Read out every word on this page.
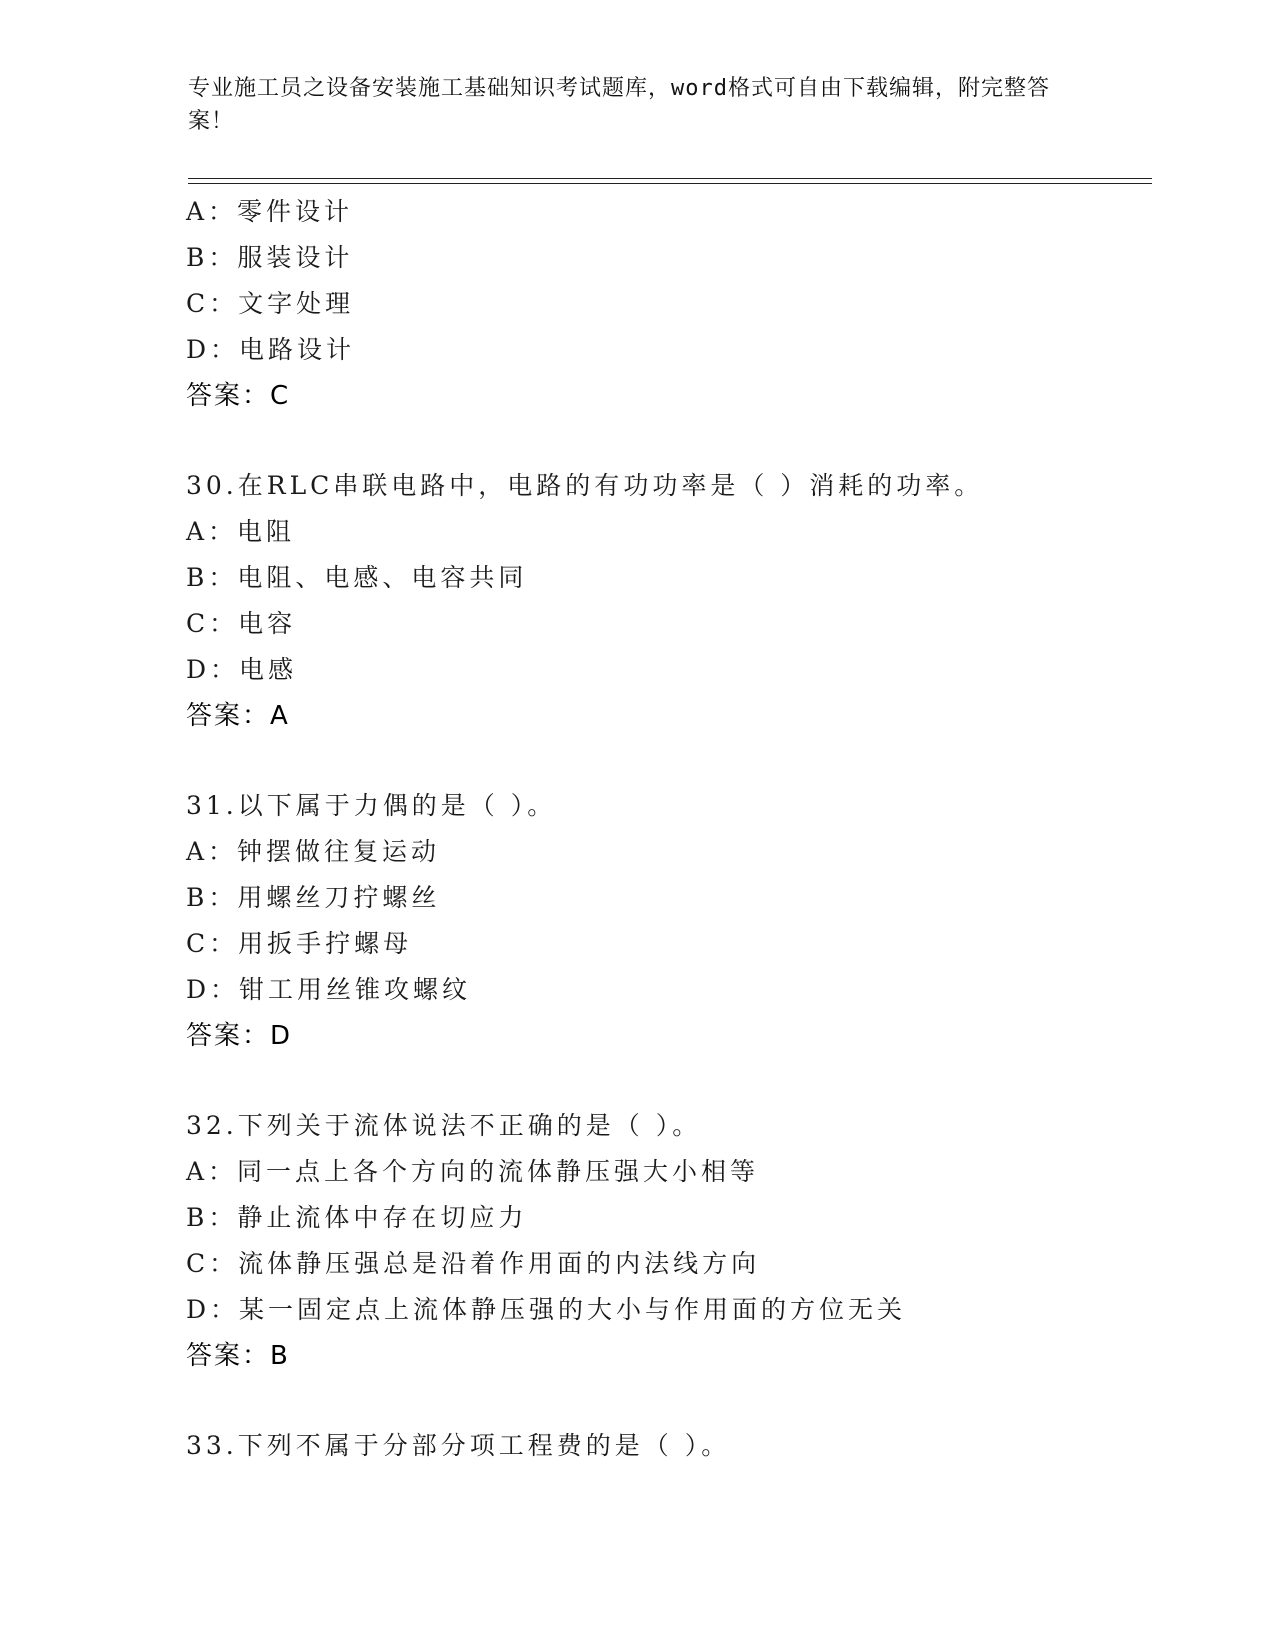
专业施工员之设备安装施工基础知识考试题库，word格式可自由下载编辑，附完整答案！
A：零件设计
B：服装设计
C：文字处理
D：电路设计
答案：C
30.在RLC串联电路中，电路的有功功率是（ ）消耗的功率。
A：电阻
B：电阻、电感、电容共同
C：电容
D：电感
答案：A
31.以下属于力偶的是（ ）。
A：钟摆做往复运动
B：用螺丝刀拧螺丝
C：用扳手拧螺母
D：钳工用丝锥攻螺纹
答案：D
32.下列关于流体说法不正确的是（ ）。
A：同一点上各个方向的流体静压强大小相等
B：静止流体中存在切应力
C：流体静压强总是沿着作用面的内法线方向
D：某一固定点上流体静压强的大小与作用面的方位无关
答案：B
33.下列不属于分部分项工程费的是（ ）。
